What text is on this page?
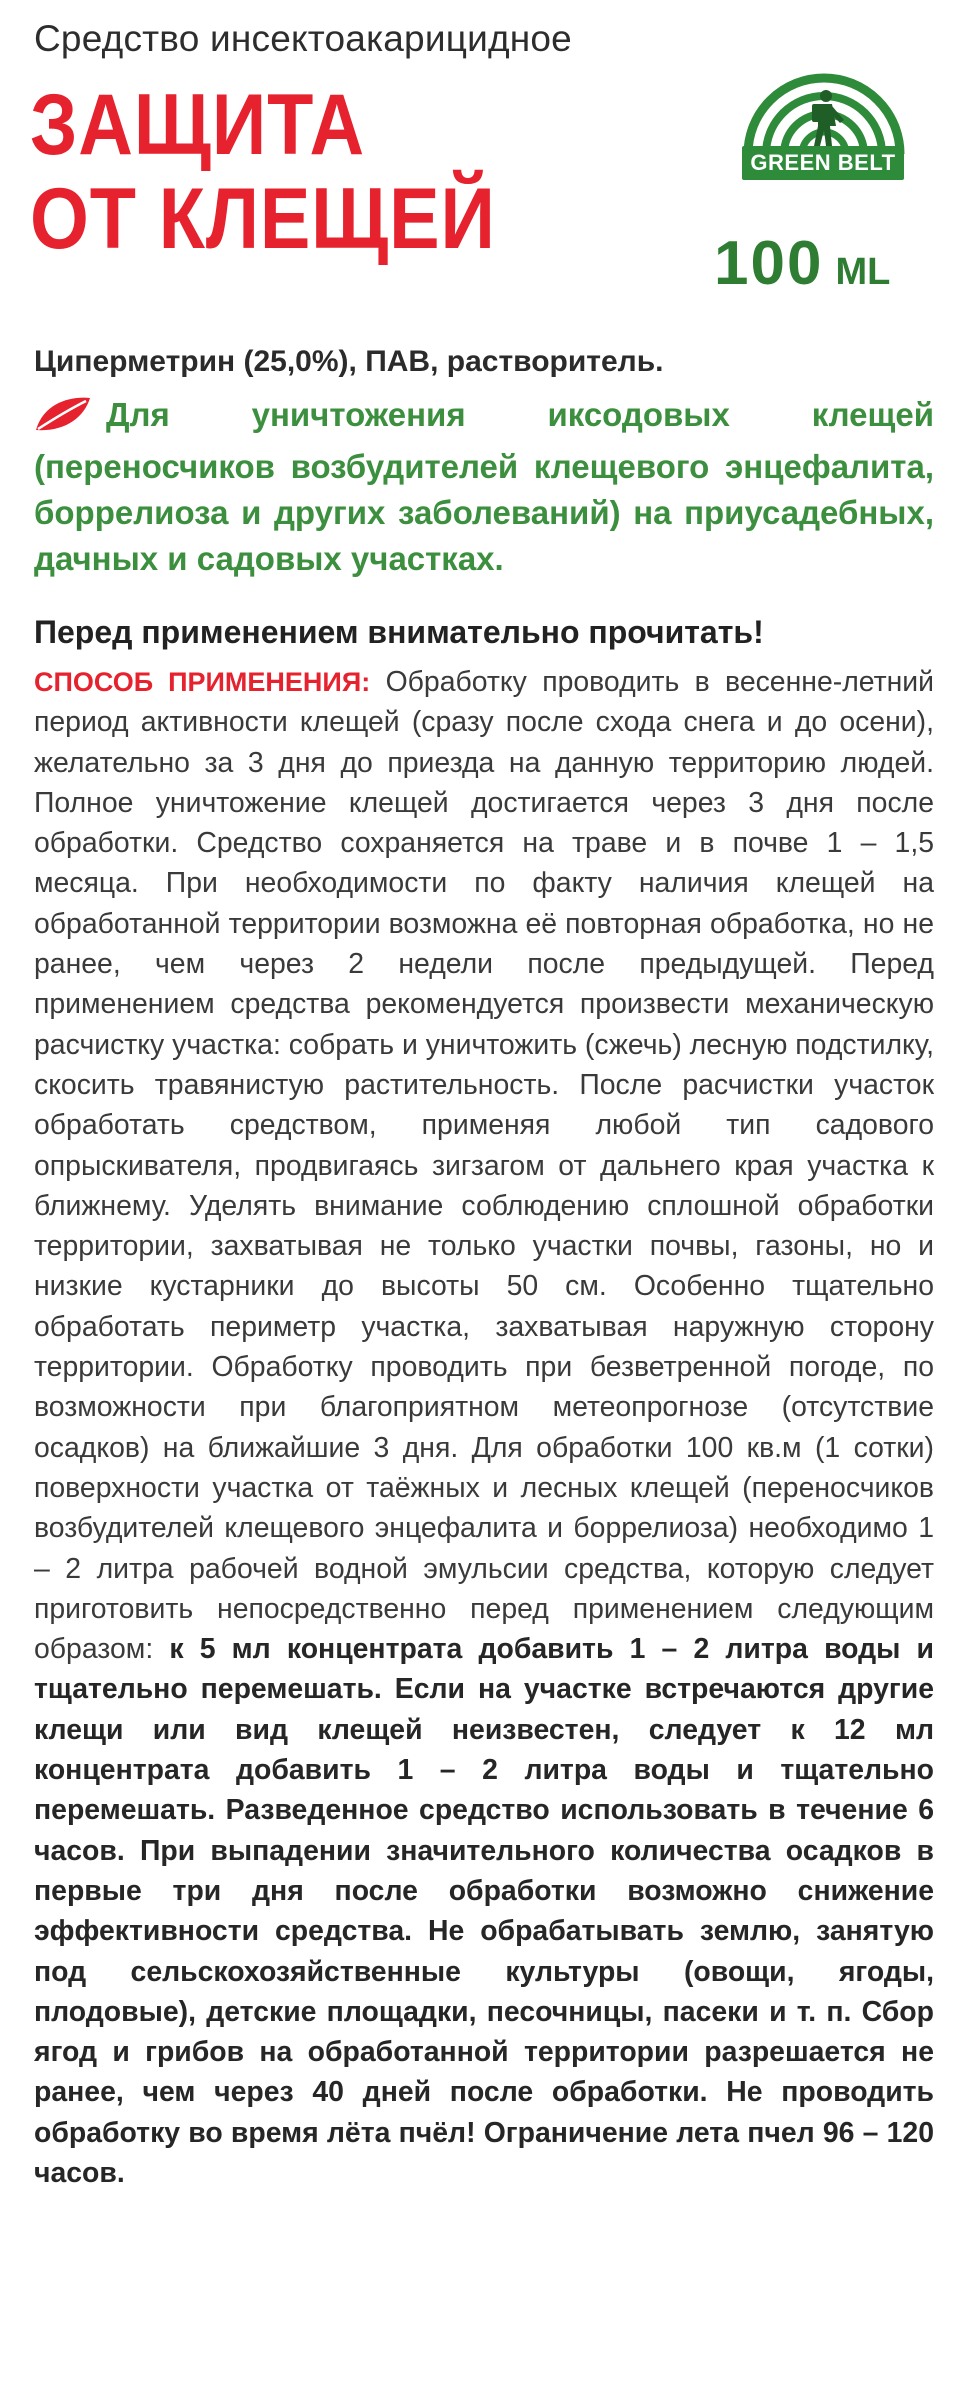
Средство инсектоакарицидное
ЗАЩИТА
ОТ КЛЕЩЕЙ
GREEN BELT
100 ML
Циперметрин (25,0%), ПАВ, растворитель.
Для уничтожения иксодовых клещей (переносчиков возбудителей клещевого энцефалита, боррелиоза и других заболеваний) на приусадебных, дачных и садовых участках.
Перед применением внимательно прочитать!
СПОСОБ ПРИМЕНЕНИЯ: Обработку проводить в весенне-летний период активности клещей (сразу после схода снега и до осени), желательно за 3 дня до приезда на данную территорию людей. Полное уничтожение клещей достигается через 3 дня после обработки. Средство сохраняется на траве и в почве 1 – 1,5 месяца. При необходимости по факту наличия клещей на обработанной территории возможна её повторная обработка, но не ранее, чем через 2 недели после предыдущей. Перед применением средства рекомендуется произвести механическую расчистку участка: собрать и уничтожить (сжечь) лесную подстилку, скосить травянистую растительность. После расчистки участок обработать средством, применяя любой тип садового опрыскивателя, продвигаясь зигзагом от дальнего края участка к ближнему. Уделять внимание соблюдению сплошной обработки территории, захватывая не только участки почвы, газоны, но и низкие кустарники до высоты 50 см. Особенно тщательно обработать периметр участка, захватывая наружную сторону территории. Обработку проводить при безветренной погоде, по возможности при благоприятном метеопрогнозе (отсутствие осадков) на ближайшие 3 дня. Для обработки 100 кв.м (1 сотки) поверхности участка от таёжных и лесных клещей (переносчиков возбудителей клещевого энцефалита и боррелиоза) необходимо 1 – 2 литра рабочей водной эмульсии средства, которую следует приготовить непосредственно перед применением следующим образом: к 5 мл концентрата добавить 1 – 2 литра воды и тщательно перемешать. Если на участке встречаются другие клещи или вид клещей неизвестен, следует к 12 мл концентрата добавить 1 – 2 литра воды и тщательно перемешать. Разведенное средство использовать в течение 6 часов. При выпадении значительного количества осадков в первые три дня после обработки возможно снижение эффективности средства. Не обрабатывать землю, занятую под сельскохозяйственные культуры (овощи, ягоды, плодовые), детские площадки, песочницы, пасеки и т. п. Сбор ягод и грибов на обработанной территории разрешается не ранее, чем через 40 дней после обработки. Не проводить обработку во время лёта пчёл! Ограничение лета пчел 96 – 120 часов.
